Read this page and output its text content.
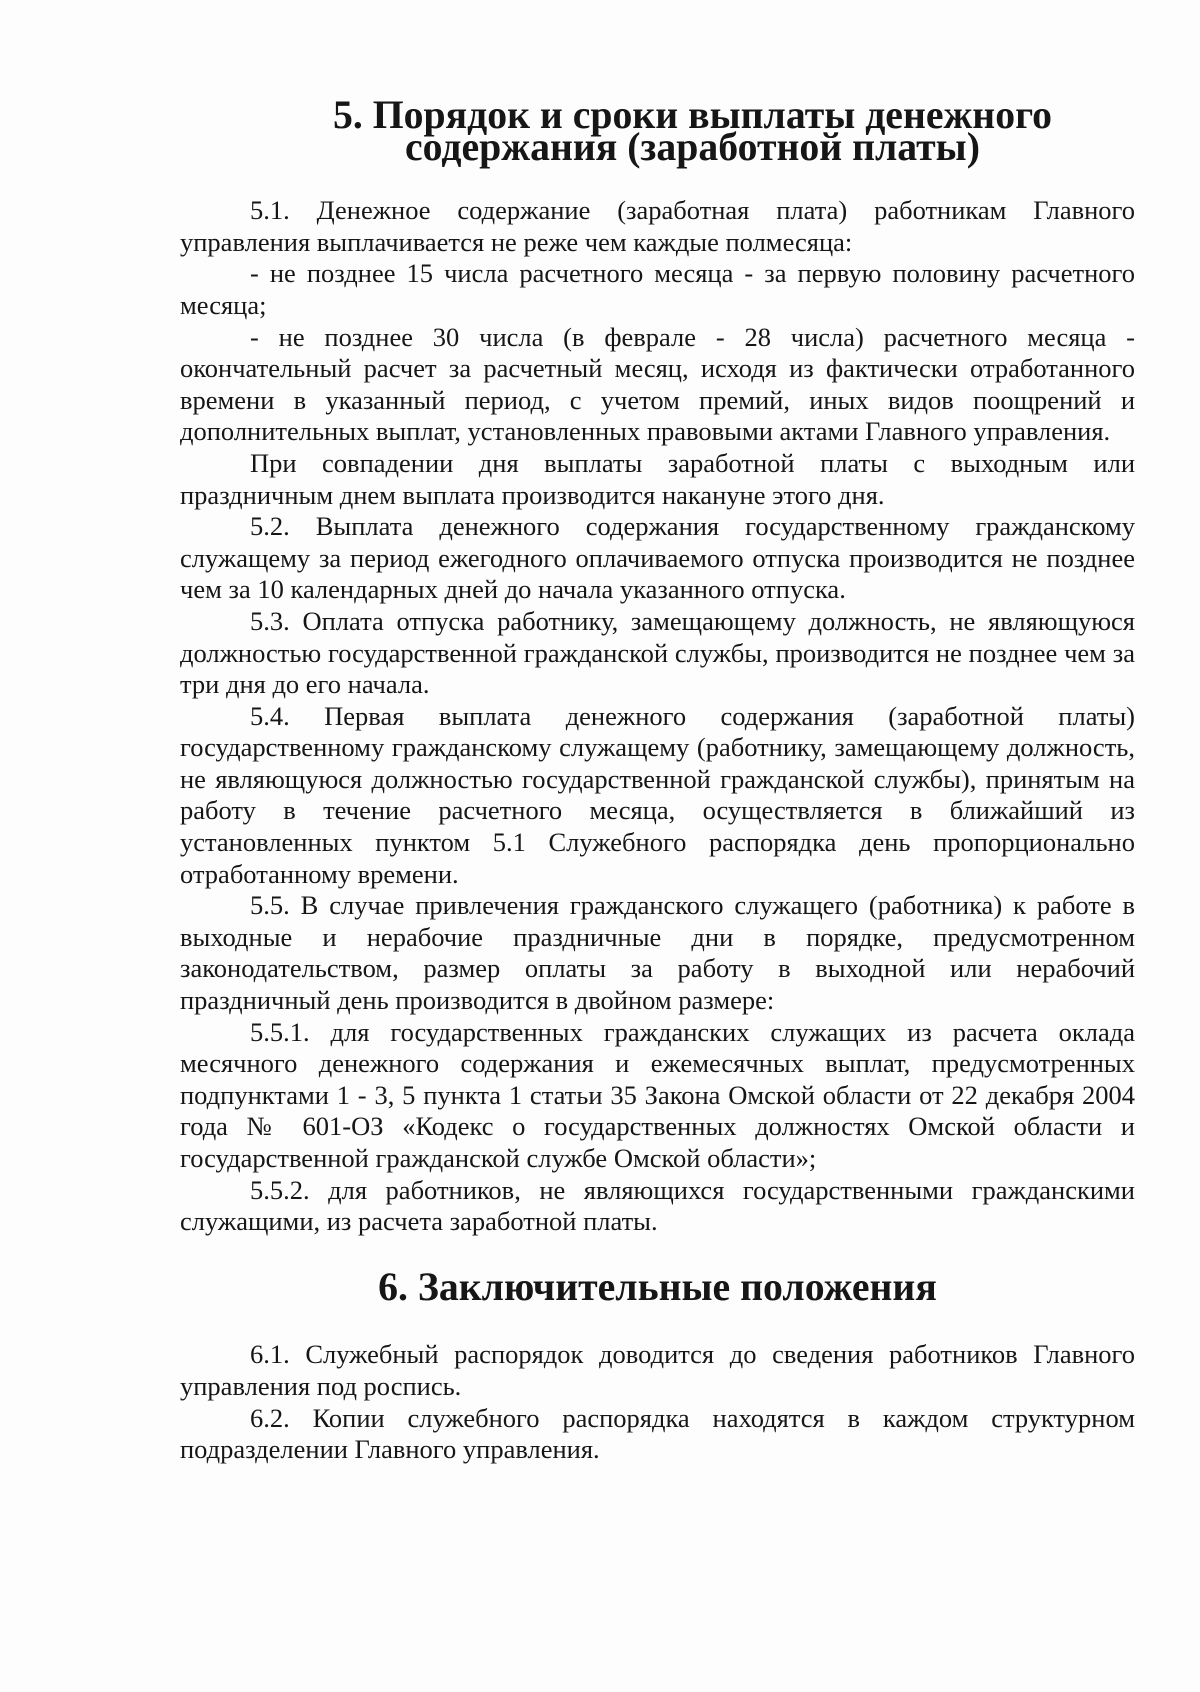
5. Порядок и сроки выплаты денежного содержания (заработной платы)

5.1. Денежное содержание (заработная плата) работникам Главного управления выплачивается не реже чем каждые полмесяца:

- не позднее 15 числа расчетного месяца - за первую половину расчетного месяца;

- не позднее 30 числа (в феврале - 28 числа) расчетного месяца - окончательный расчет за расчетный месяц, исходя из фактически отработанного времени в указанный период, с учетом премий, иных видов поощрений и дополнительных выплат, установленных правовыми актами Главного управления.

При совпадении дня выплаты заработной платы с выходным или праздничным днем выплата производится накануне этого дня.

5.2. Выплата денежного содержания государственному гражданскому служащему за период ежегодного оплачиваемого отпуска производится не позднее чем за 10 календарных дней до начала указанного отпуска.

5.3. Оплата отпуска работнику, замещающему должность, не являющуюся должностью государственной гражданской службы, производится не позднее чем за три дня до его начала.

5.4. Первая выплата денежного содержания (заработной платы) государственному гражданскому служащему (работнику, замещающему должность, не являющуюся должностью государственной гражданской службы), принятым на работу в течение расчетного месяца, осуществляется в ближайший из установленных пунктом 5.1 Служебного распорядка день пропорционально отработанному времени.

5.5. В случае привлечения гражданского служащего (работника) к работе в выходные и нерабочие праздничные дни в порядке, предусмотренном законодательством, размер оплаты за работу в выходной или нерабочий праздничный день производится в двойном размере:

5.5.1. для государственных гражданских служащих из расчета оклада месячного денежного содержания и ежемесячных выплат, предусмотренных подпунктами 1 - 3, 5 пункта 1 статьи 35 Закона Омской области от 22 декабря 2004 года № 601-ОЗ «Кодекс о государственных должностях Омской области и государственной гражданской службе Омской области»;

5.5.2. для работников, не являющихся государственными гражданскими служащими, из расчета заработной платы.

6. Заключительные положения

6.1. Служебный распорядок доводится до сведения работников Главного управления под роспись.

6.2. Копии служебного распорядка находятся в каждом структурном подразделении Главного управления.
